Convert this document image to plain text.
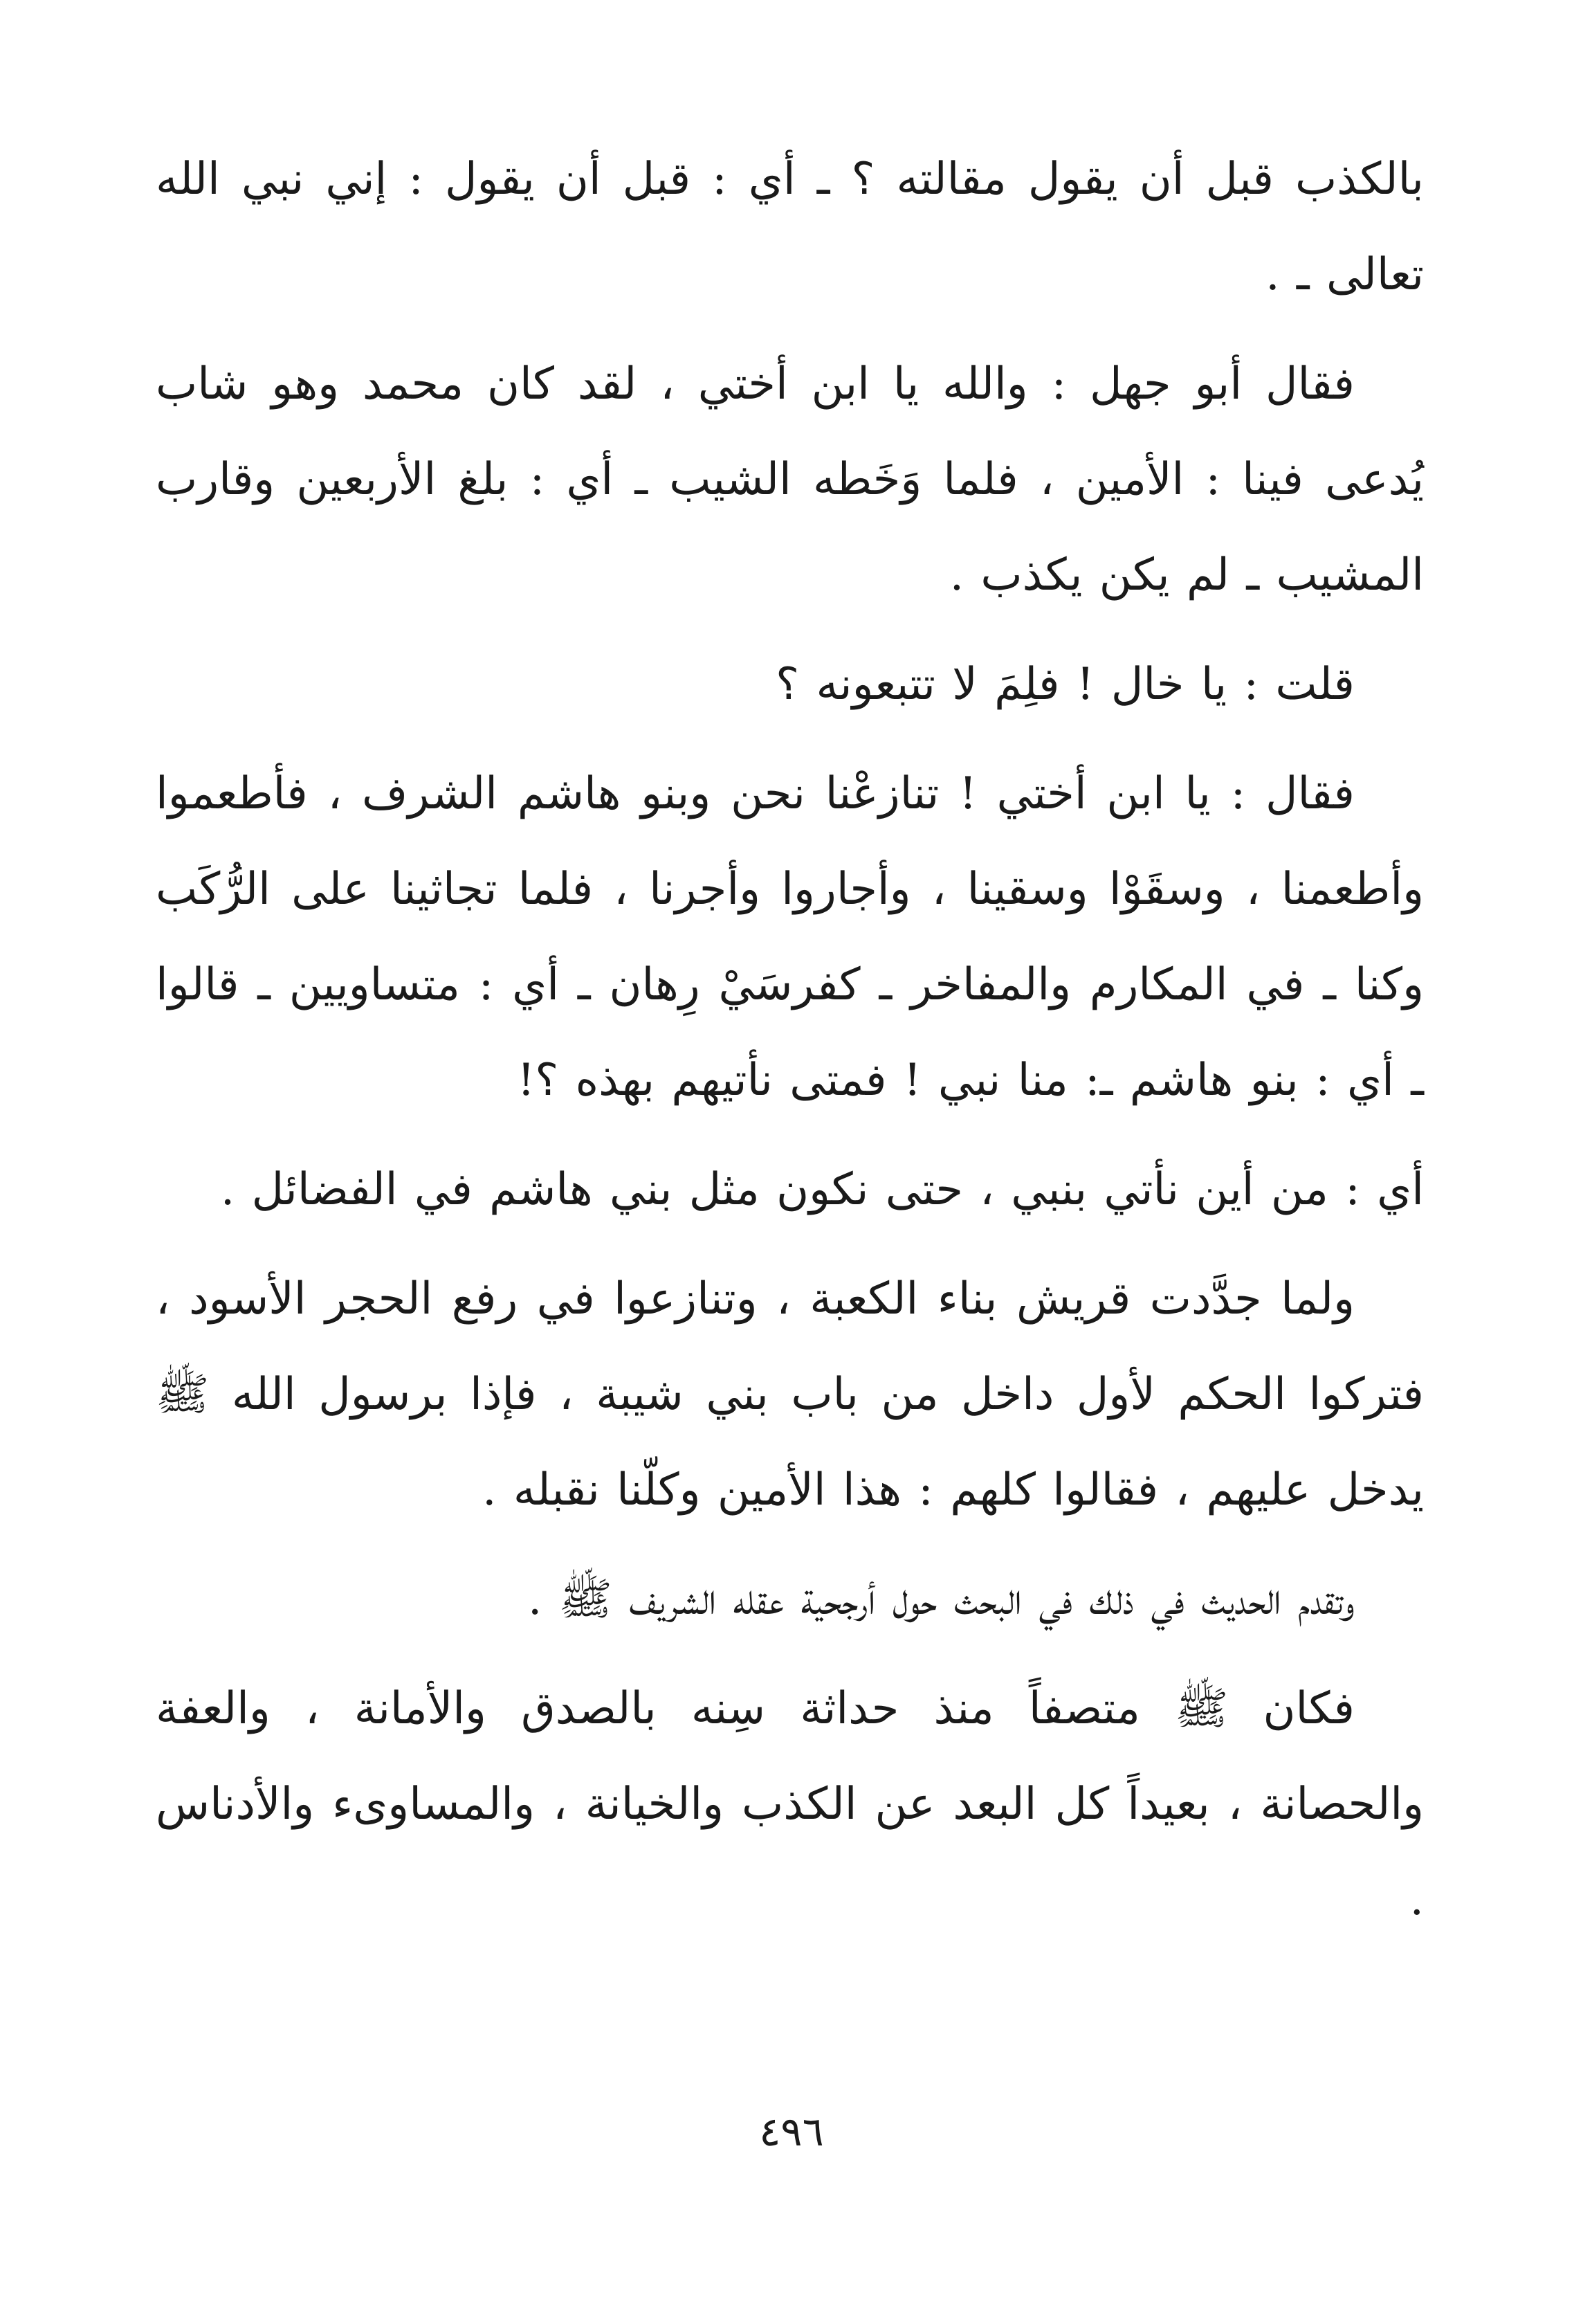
بالكذب قبل أن يقول مقالته ؟ ـ أي : قبل أن يقول : إني نبي الله تعالى ـ .

فقال أبو جهل : والله يا ابن أختي ، لقد كان محمد وهو شاب يُدعى فينا : الأمين ، فلما وَخَطه الشيب ـ أي : بلغ الأربعين وقارب المشيب ـ لم يكن يكذب .

قلت : يا خال ! فلِمَ لا تتبعونه ؟

فقال : يا ابن أختي ! تنازعْنا نحن وبنو هاشم الشرف ، فأطعموا وأطعمنا ، وسقَوْا وسقينا ، وأجاروا وأجرنا ، فلما تجاثينا على الرُّكَب وكنا ـ في المكارم والمفاخر ـ كفرسَيْ رِهان ـ أي : متساويين ـ قالوا ـ أي : بنو هاشم ـ: منا نبي ! فمتى نأتيهم بهذه ؟!

أي : من أين نأتي بنبي ، حتى نكون مثل بني هاشم في الفضائل .

ولما جدَّدت قريش بناء الكعبة ، وتنازعوا في رفع الحجر الأسود ، فتركوا الحكم لأول داخل من باب بني شيبة ، فإذا برسول الله ﷺ يدخل عليهم ، فقالوا كلهم : هذا الأمين وكلّنا نقبله .

وتقدم الحديث في ذلك في البحث حول أرجحية عقله الشريف ﷺ .

فكان ﷺ متصفاً منذ حداثة سِنه بالصدق والأمانة ، والعفة والحصانة ، بعيداً كل البعد عن الكذب والخيانة ، والمساوىء والأدناس .

٤٩٦
